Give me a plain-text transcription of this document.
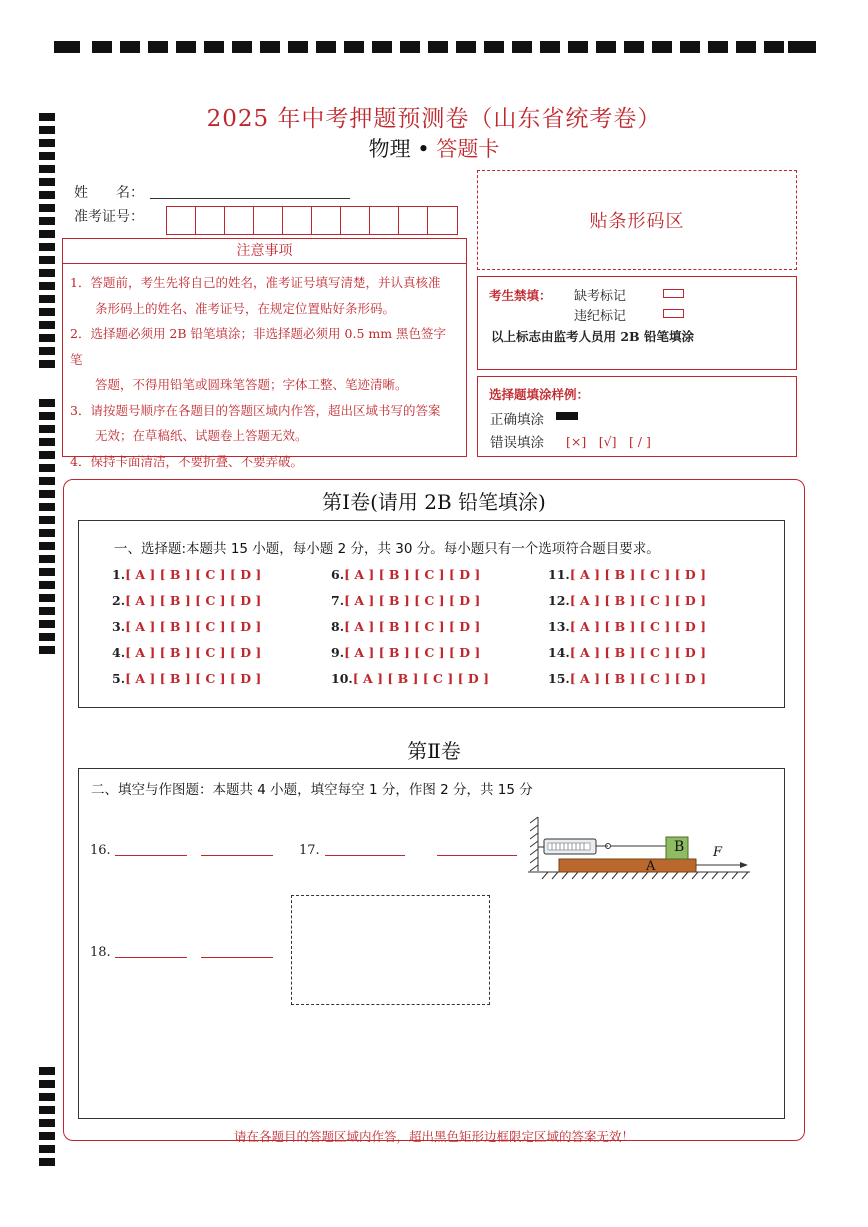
2025 年中考押题预测卷（山东省统考卷）
物理 • 答题卡
姓　　名：
准考证号：
注意事项

1．答题前，考生先将自己的姓名，准考证号填写清楚，并认真核准

　　条形码上的姓名、准考证号，在规定位置贴好条形码。

2．选择题必须用 2B 铅笔填涂；非选择题必须用 0.5 mm 黑色签字笔

　　答题，不得用铅笔或圆珠笔答题；字体工整、笔迹清晰。

3．请按题号顺序在各题目的答题区域内作答，超出区域书写的答案

　　无效；在草稿纸、试题卷上答题无效。

4．保持卡面清洁，不要折叠、不要弄破。

贴条形码区
考生禁填： 缺考标记
违纪标记
以上标志由监考人员用 2B 铅笔填涂
选择题填涂样例：
正确填涂
错误填涂 [×]　[√]　[ / ]
第Ⅰ卷(请用 2B 铅笔填涂)
一、选择题:本题共 15 小题，每小题 2 分，共 30 分。每小题只有一个选项符合题目要求。
1.[ A ] [ B ] [ C ] [ D ]
2.[ A ] [ B ] [ C ] [ D ]
3.[ A ] [ B ] [ C ] [ D ]
4.[ A ] [ B ] [ C ] [ D ]
5.[ A ] [ B ] [ C ] [ D ]
6.[ A ] [ B ] [ C ] [ D ]
7.[ A ] [ B ] [ C ] [ D ]
8.[ A ] [ B ] [ C ] [ D ]
9.[ A ] [ B ] [ C ] [ D ]
10.[ A ] [ B ] [ C ] [ D ]
11.[ A ] [ B ] [ C ] [ D ]
12.[ A ] [ B ] [ C ] [ D ]
13.[ A ] [ B ] [ C ] [ D ]
14.[ A ] [ B ] [ C ] [ D ]
15.[ A ] [ B ] [ C ] [ D ]
第Ⅱ卷
二、填空与作图题：本题共 4 小题，填空每空 1 分，作图 2 分，共 15 分
16.	17.
18.
B
A
F
请在各题目的答题区域内作答，超出黑色矩形边框限定区域的答案无效！
